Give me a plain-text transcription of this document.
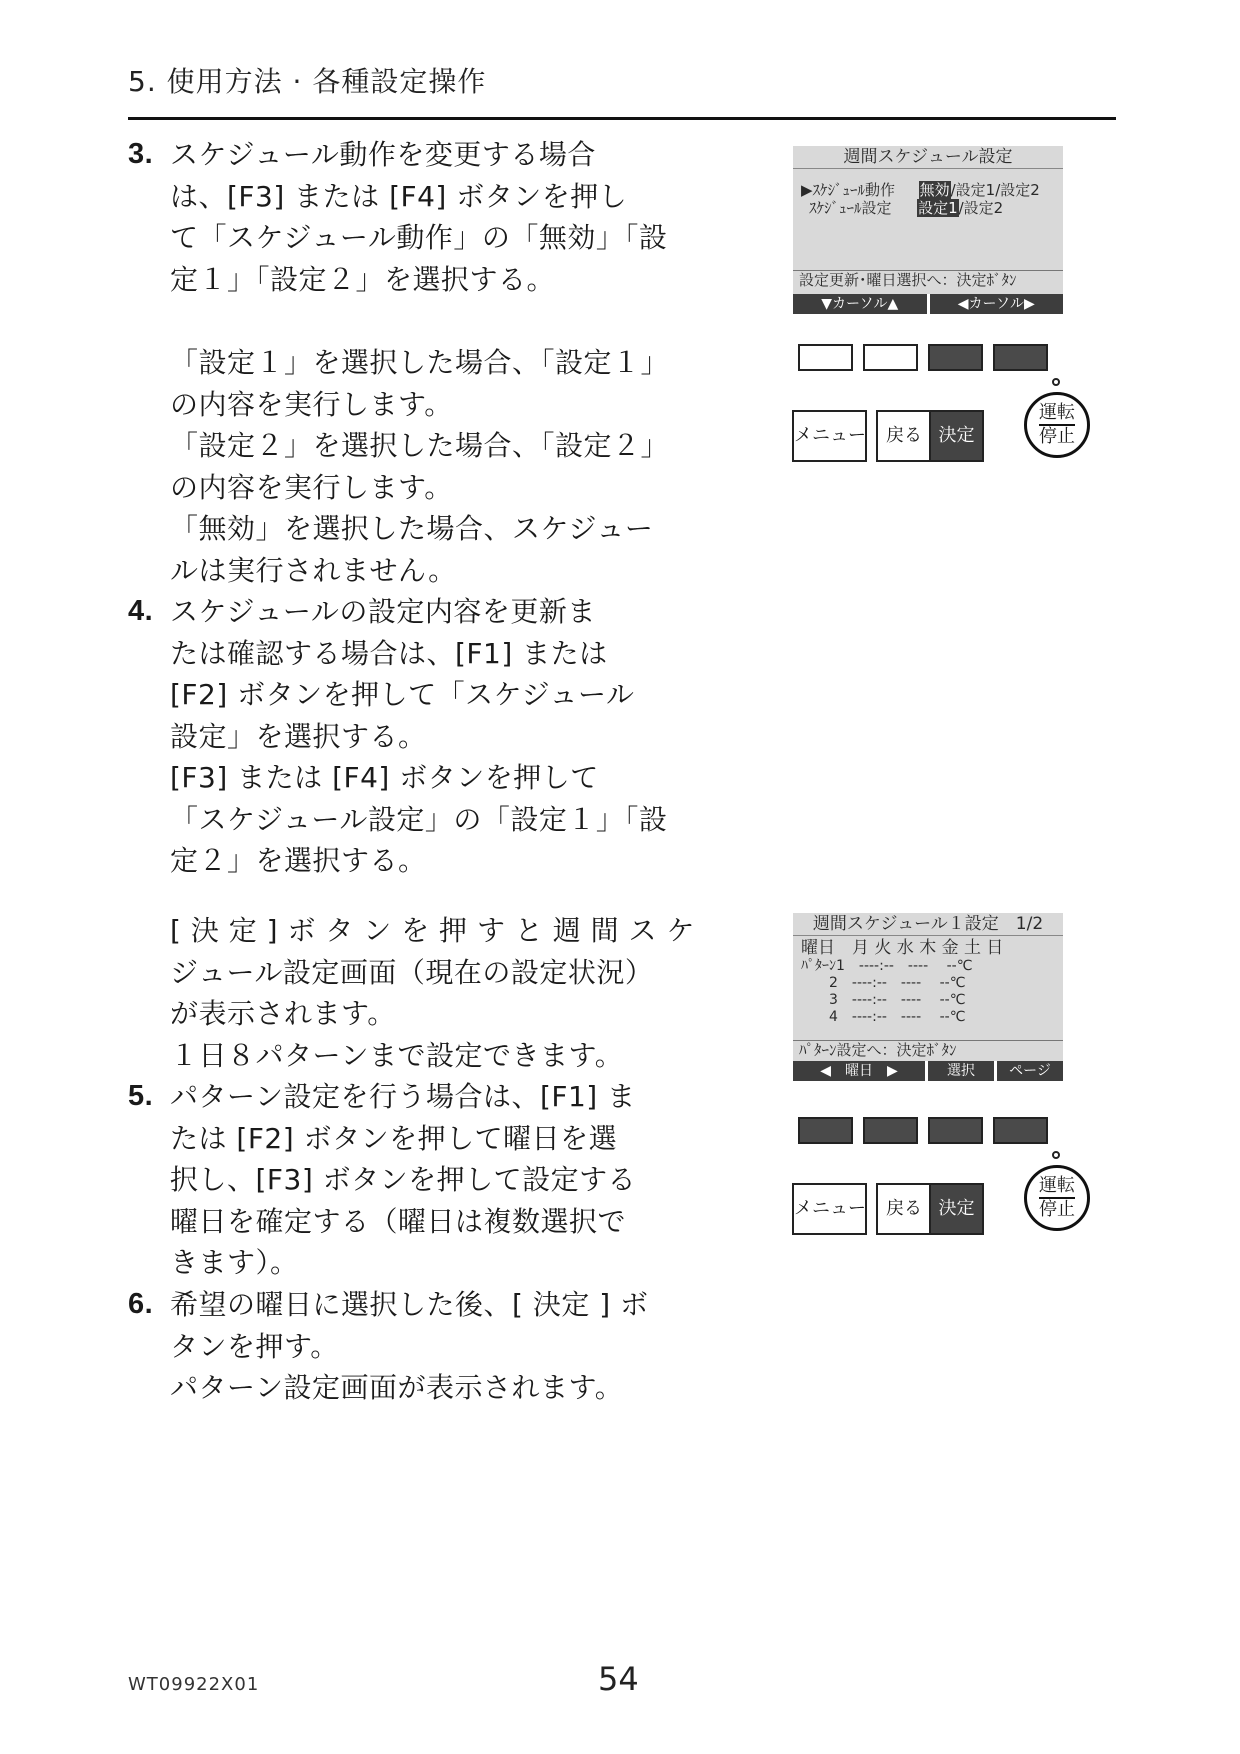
5. 使用方法 · 各種設定操作
3. スケジュール動作を変更する場合
は、[F3] または [F4] ボタンを押し
て「スケジュール動作」の「無効」「設
定１」「設定２」を選択する。
「設定１」を選択した場合、「設定１」
の内容を実行します。
「設定２」を選択した場合、「設定２」
の内容を実行します。
「無効」を選択した場合、スケジュー
ルは実行されません。
4. スケジュールの設定内容を更新ま
たは確認する場合は、[F1] または
[F2] ボタンを押して「スケジュール
設定」を選択する。
[F3] または [F4] ボタンを押して
「スケジュール設定」の「設定１」「設
定２」を選択する。
[ 決 定 ] ボ タ ン を 押 す と 週 間 ス ケ
ジュール設定画面（現在の設定状況）
が表示されます。
１日８パターンまで設定できます。
5. パターン設定を行う場合は、[F1] ま
たは [F2] ボタンを押して曜日を選
択し、[F3] ボタンを押して設定する
曜日を確定する（曜日は複数選択で
きます）。
6. 希望の曜日に選択した後、[ 決定 ] ボ
タンを押す。
パターン設定画面が表示されます。
週間スケジュール設定
▶ｽｹｼﾞｭｰﾙ動作 無効/設定1/設定2
ｽｹｼﾞｭｰﾙ設定 設定1/設定2
設定更新･曜日選択へ：決定ﾎﾞﾀﾝ
▼カーソル▲	◀カーソル▶
メニュー	戻る 決定
運転
停止
週間スケジュール１設定　1/2
曜日　月 火 水 木 金 土 日
ﾊﾟﾀｰﾝ1　----:--　----　 --℃
　　2　----:--　----　 --℃
　　3　----:--　----　 --℃
　　4　----:--　----　 --℃
ﾊﾟﾀｰﾝ設定へ：決定ﾎﾞﾀﾝ
◀　曜日　▶	選択	ページ
メニュー	戻る 決定
運転
停止
WT09922X01	54
